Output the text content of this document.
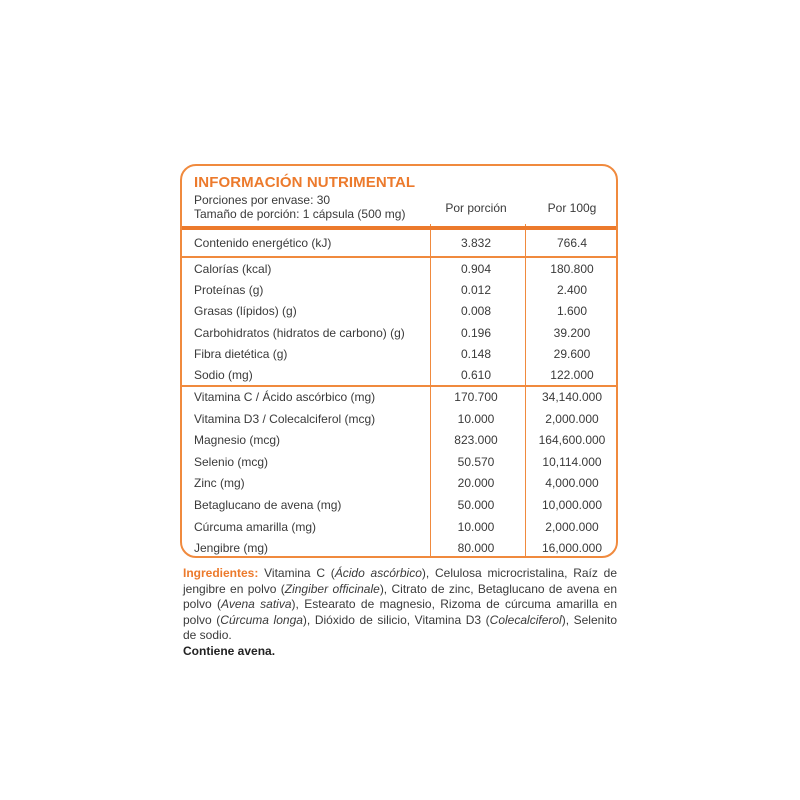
INFORMACIÓN NUTRIMENTAL
Porciones por envase: 30
Tamaño de porción: 1 cápsula (500 mg)	Por porción	Por 100g
Contenido energético (kJ)	3.832	766.4
Calorías (kcal)	0.904	180.800
Proteínas (g)	0.012	2.400
Grasas (lípidos) (g)	0.008	1.600
Carbohidratos (hidratos de carbono) (g)	0.196	39.200
Fibra dietética (g)	0.148	29.600
Sodio (mg)	0.610	122.000
Vitamina C / Ácido ascórbico (mg)	170.700	34,140.000
Vitamina D3 / Colecalciferol (mcg)	10.000	2,000.000
Magnesio (mcg)	823.000	164,600.000
Selenio (mcg)	50.570	10,114.000
Zinc (mg)	20.000	4,000.000
Betaglucano de avena (mg)	50.000	10,000.000
Cúrcuma amarilla (mg)	10.000	2,000.000
Jengibre (mg)	80.000	16,000.000
Ingredientes: Vitamina C (Ácido ascórbico), Celulosa microcristalina, Raíz de jengibre en polvo (Zingiber officinale), Citrato de zinc, Betaglucano de avena en polvo (Avena sativa), Estearato de magnesio, Rizoma de cúrcuma amarilla en polvo (Cúrcuma longa), Dióxido de silicio, Vitamina D3 (Colecalciferol), Selenito de sodio.
Contiene avena.
